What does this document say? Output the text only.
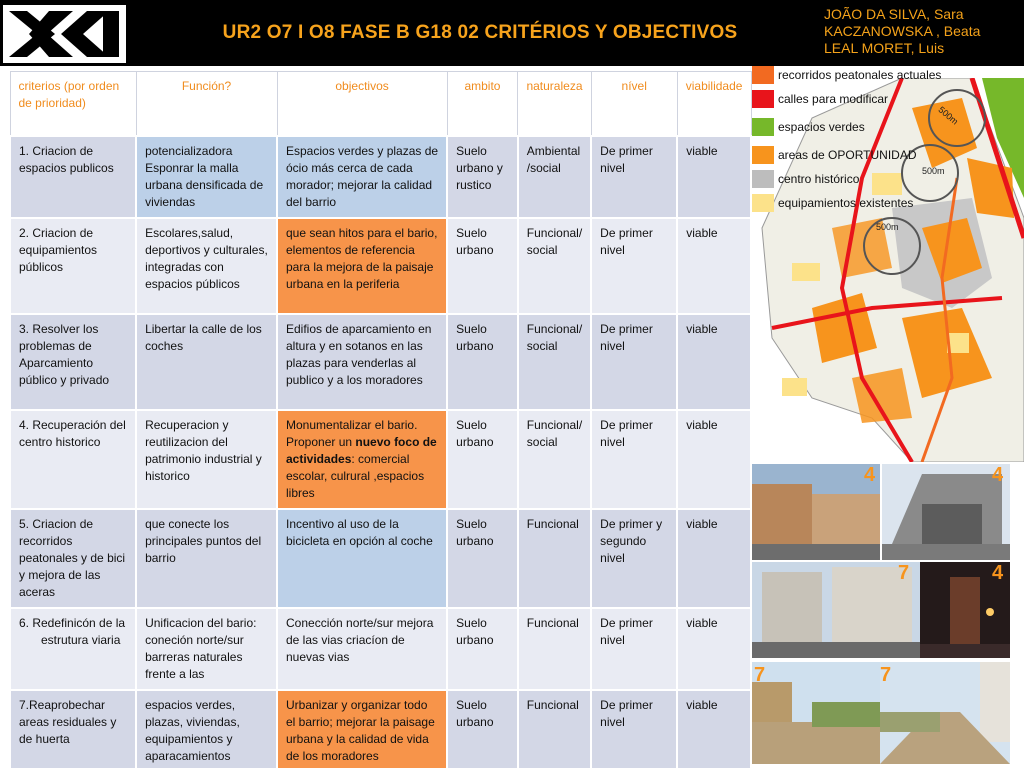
UR2 O7 I O8 FASE B G18 02 CRITÉRIOS Y OBJECTIVOS
JOÃO DA SILVA, Sara
KACZANOWSKA , Beata
LEAL MORET, Luis
criterios (por orden de prioridad)	Función?	objectivos	ambito	naturaleza	nível	viabilidade
1. Criacion de espacios publicos	potencializadora Esponrar la malla urbana densificada de viviendas	Espacios verdes y plazas de ócio más cerca de cada morador; mejorar la calidad del barrio	Suelo urbano y rustico	Ambiental /social	De primer nivel	viable
2. Criacion de equipamientos públicos	Escolares,salud, deportivos y culturales, integradas con espacios públicos	que sean hitos para el bario, elementos de referencia para la mejora de la paisaje urbana en la periferia	Suelo urbano	Funcional/ social	De primer nivel	viable
3. Resolver los problemas de Aparcamiento público y privado	Libertar la calle de los coches	Edifios de aparcamiento en altura y en sotanos en las plazas para venderlas al publico y a los moradores	Suelo urbano	Funcional/ social	De primer nivel	viable
4. Recuperación del centro historico	Recuperacion y reutilizacion del patrimonio industrial y historico	Monumentalizar el bario. Proponer un nuevo foco de actividades: comercial escolar, culrural ,espacios libres	Suelo urbano	Funcional/ social	De primer nivel	viable
5. Criacion de recorridos peatonales y de bici y mejora de las aceras	que conecte los principales puntos del barrio	Incentivo al uso de la bicicleta en opción al coche	Suelo urbano	Funcional	De primer y segundo nivel	viable

6. Redefinicón de la estrutura viaria	Unificacion del bario: coneción norte/sur barreras naturales frente a las	Conección norte/sur mejora de las vias criacíon de nuevas vias	Suelo urbano	Funcional	De primer nivel	viable
7.Reaprobechar areas residuales y de huerta	espacios verdes, plazas, viviendas, equipamientos y aparacamientos	Urbanizar y organizar todo el barrio; mejorar la paisage urbana y la calidad de vida de los moradores	Suelo urbano	Funcional	De primer nivel	viable
500m
500m
500m
recorridos peatonales actuales
calles para modificar
espacios verdes
areas de OPORTUNIDAD
centro histórico
equipamientos existentes
4	4
7	4
7	7
